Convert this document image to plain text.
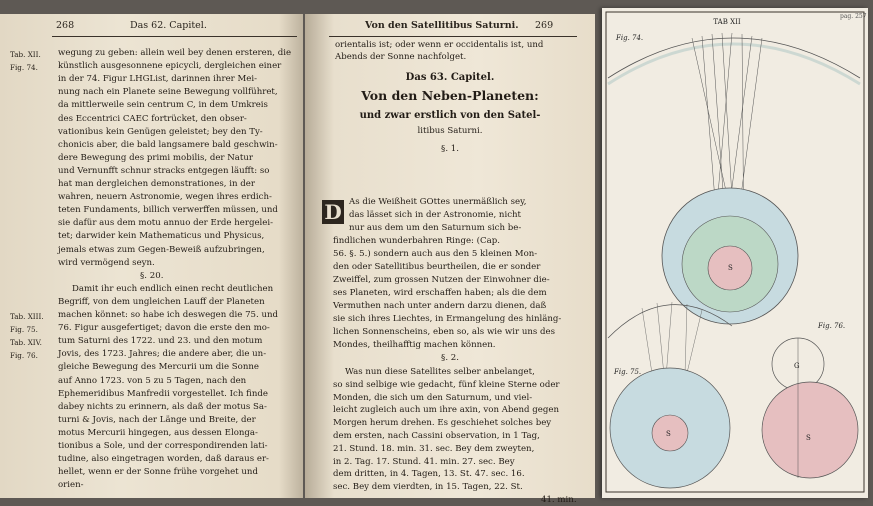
268	Das 62. Capitel.
Tab. XII.
Fig. 74.
Tab. XIII.
Fig. 75.
Tab. XIV.
Fig. 76.
wegung zu geben: allein weil bey denen ersteren, die
künstlich ausgesonnene epicycli, dergleichen einer
in der 74. Figur LHGList, darinnen ihrer Mei-
nung nach ein Planete seine Bewegung vollführet,
da mittlerweile sein centrum C, in dem Umkreis
des Eccentrici CAEC fortrücket, den obser-
vationibus kein Genügen geleistet; bey den Ty-
chonicis aber, die bald langsamere bald geschwin-
dere Bewegung des primi mobilis, der Natur
und Vernunfft schnur stracks entgegen läufft: so
hat man dergleichen demonstrationes, in der
wahren, neuern Astronomie, wegen ihres erdich-
teten Fundaments, billich verwerffen müssen, und
sie dafür aus dem motu annuo der Erde hergelei-
tet; darwider kein Mathematicus und Physicus,
jemals etwas zum Gegen-Beweiß aufzubringen,
wird vermögend seyn.
§. 20.
Damit ihr euch endlich einen recht deutlichen
Begriff, von dem ungleichen Lauff der Planeten
machen könnet: so habe ich deswegen die 75. und
76. Figur ausgefertiget; davon die erste den mo-
tum Saturni des 1722. und 23. und den motum
Jovis, des 1723. Jahres; die andere aber, die un-
gleiche Bewegung des Mercurii um die Sonne
auf Anno 1723. von 5 zu 5 Tagen, nach den
Ephemeridibus Manfredii vorgestellet. Ich finde
dabey nichts zu erinnern, als daß der motus Sa-
turni & Jovis, nach der Länge und Breite, der
motus Mercurii hingegen, aus dessen Elonga-
tionibus a Sole, und der correspondirenden lati-
tudine, also eingetragen worden, daß daraus er-
hellet, wenn er der Sonne frühe vorgehet und
orien-
Von den Satellitibus Saturni. 269
orientalis ist; oder wenn er occidentalis ist, und
Abends der Sonne nachfolget.
Das 63. Capitel.
Von den Neben-Planeten:
und zwar erstlich von den Satel-
litibus Saturni.
§. 1.
D As die Weißheit GOttes unermäßlich sey,
das lässet sich in der Astronomie, nicht
nur aus dem um den Saturnum sich be-
findlichen wunderbahren Ringe: (Cap.
56. §. 5.) sondern auch aus den 5 kleinen Mon-
den oder Satellitibus beurtheilen, die er sonder
Zweiffel, zum grossen Nutzen der Einwohner die-
ses Planeten, wird erschaffen haben; als die dem
Vermuthen nach unter andern darzu dienen, daß
sie sich ihres Liechtes, in Ermangelung des hinläng-
lichen Sonnenscheins, eben so, als wie wir uns des
Mondes, theilhafftig machen können.
§. 2.
Was nun diese Satellites selber anbelanget,
so sind selbige wie gedacht, fünf kleine Sterne oder
Monden, die sich um den Saturnum, und viel-
leicht zugleich auch um ihre axin, von Abend gegen
Morgen herum drehen. Es geschiehet solches bey
dem ersten, nach Cassini observation, in 1 Tag,
21. Stund. 18. min. 31. sec. Bey dem zweyten,
in 2. Tag. 17. Stund. 41. min. 27. sec. Bey
dem dritten, in 4. Tagen, 13. St. 47. sec. 16.
sec. Bey dem vierdten, in 15. Tagen, 22. St.
41. min.
TAB XII
pag. 257
Fig. 74.
S
S
Fig. 75.
Fig. 76.
G
S
